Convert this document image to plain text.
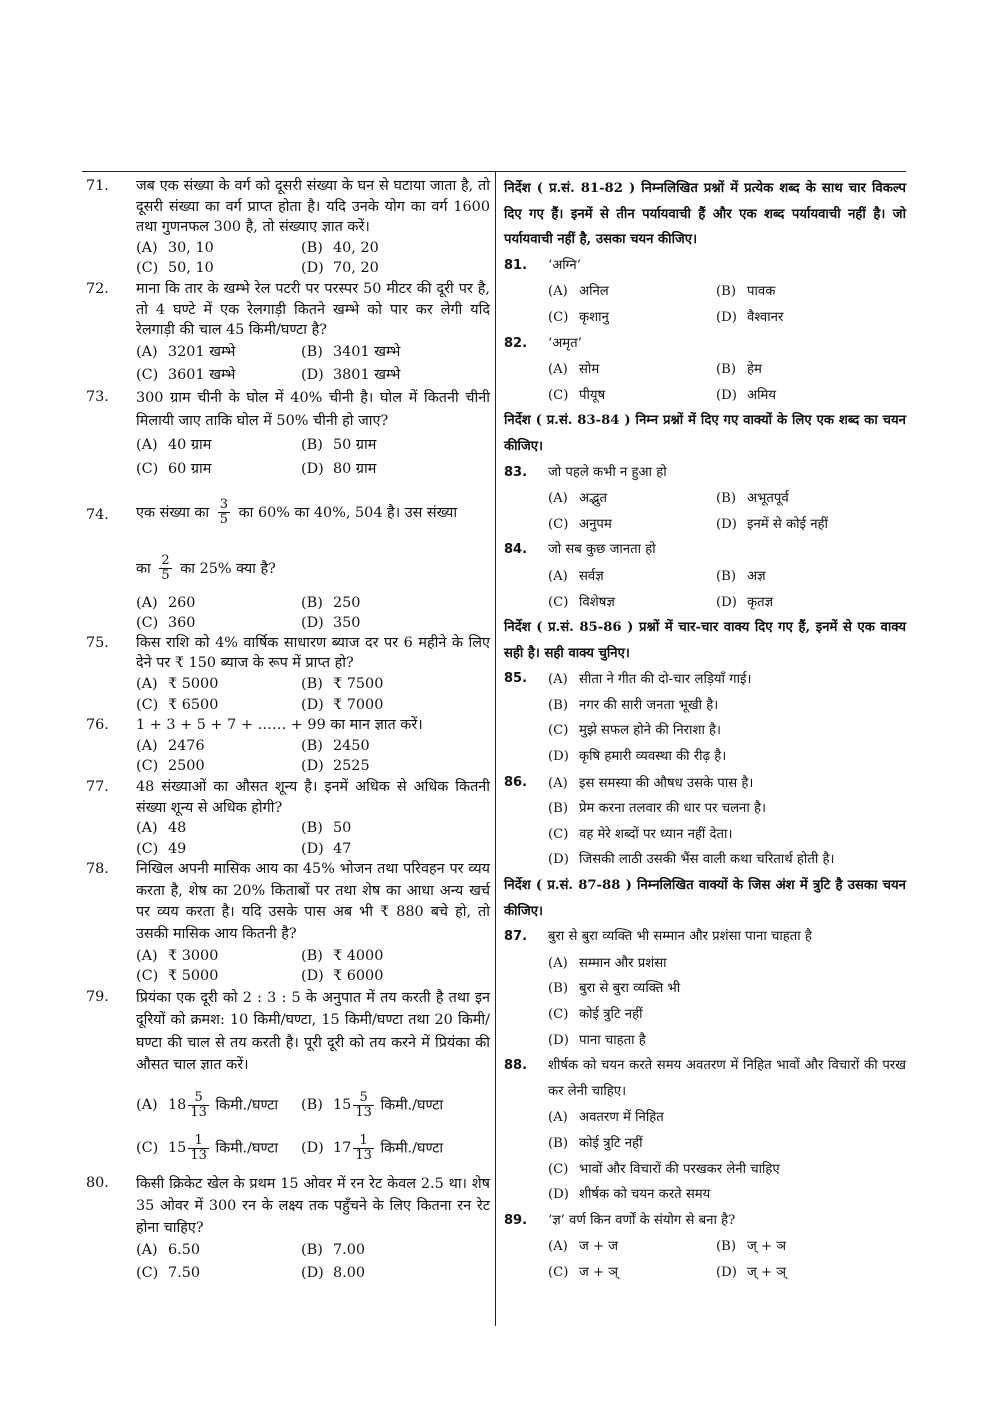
71.	जब एक संख्या के वर्ग को दूसरी संख्या के घन से घटाया जाता है, तो दूसरी संख्या का वर्ग प्राप्त होता है। यदि उनके योग का वर्ग 1600 तथा गुणनफल 300 है, तो संख्याए ज्ञात करें।
(A) 30, 10	(B) 40, 20
(C) 50, 10	(D) 70, 20
72.	माना कि तार के खम्भे रेल पटरी पर परस्पर 50 मीटर की दूरी पर है, तो 4 घण्टे में एक रेलगाड़ी कितने खम्भे को पार कर लेगी यदि रेलगाड़ी की चाल 45 किमी/घण्टा है?
(A) 3201 खम्भे	(B) 3401 खम्भे
(C) 3601 खम्भे	(D) 3801 खम्भे
73.	300 ग्राम चीनी के घोल में 40% चीनी है। घोल में कितनी चीनी मिलायी जाए ताकि घोल में 50% चीनी हो जाए?
(A) 40 ग्राम	(B) 50 ग्राम
(C) 60 ग्राम	(D) 80 ग्राम
74.	एक संख्या का $\frac{3}{5}$ का 60% का 40%, 504 है। उस संख्या
का $\frac{2}{5}$ का 25% क्या है?
(A) 260	(B) 250
(C) 360	(D) 350
75.	किस राशि को 4% वार्षिक साधारण ब्याज दर पर 6 महीने के लिए देने पर ₹ 150 ब्याज के रूप में प्राप्त हो?
(A) ₹ 5000	(B) ₹ 7500
(C) ₹ 6500	(D) ₹ 7000
76.	1 + 3 + 5 + 7 + …… + 99 का मान ज्ञात करें।
(A) 2476	(B) 2450
(C) 2500	(D) 2525
77.	48 संख्याओं का औसत शून्य है। इनमें अधिक से अधिक कितनी संख्या शून्य से अधिक होगी?
(A) 48	(B) 50
(C) 49	(D) 47
78.	निखिल अपनी मासिक आय का 45% भोजन तथा परिवहन पर व्यय करता है, शेष का 20% किताबों पर तथा शेष का आधा अन्य खर्च पर व्यय करता है। यदि उसके पास अब भी ₹ 880 बचे हो, तो उसकी मासिक आय कितनी है?
(A) ₹ 3000	(B) ₹ 4000
(C) ₹ 5000	(D) ₹ 6000
79.	प्रियंका एक दूरी को 2 : 3 : 5 के अनुपात में तय करती है तथा इन दूरियों को क्रमश: 10 किमी/घण्टा, 15 किमी/घण्टा तथा 20 किमी/घण्टा की चाल से तय करती है। पूरी दूरी को तय करने में प्रियंका की औसत चाल ज्ञात करें।
(A) $18 \frac{5}{13}$ किमी./घण्टा	(B) $15 \frac{5}{13}$ किमी./घण्टा
(C) $15 \frac{1}{13}$ किमी./घण्टा	(D) $17 \frac{1}{13}$ किमी./घण्टा
80.	किसी क्रिकेट खेल के प्रथम 15 ओवर में रन रेट केवल 2.5 था। शेष 35 ओवर में 300 रन के लक्ष्य तक पहुँचने के लिए कितना रन रेट होना चाहिए?
(A) 6.50	(B) 7.00
(C) 7.50	(D) 8.00
निर्देश ( प्र.सं. 81-82 ) निम्नलिखित प्रश्नों में प्रत्येक शब्द के साथ चार विकल्प दिए गए हैं। इनमें से तीन पर्यायवाची हैं और एक शब्द पर्यायवाची नहीं है। जो पर्यायवाची नहीं है, उसका चयन कीजिए।
81. ‘अग्नि’
(A) अनिल	(B) पावक
(C) कृशानु	(D) वैश्वानर
82. ‘अमृत’
(A) सोम	(B) हेम
(C) पीयूष	(D) अमिय
निर्देश ( प्र.सं. 83-84 ) निम्न प्रश्नों में दिए गए वाक्यों के लिए एक शब्द का चयन कीजिए।
83. जो पहले कभी न हुआ हो
(A) अद्भुत	(B) अभूतपूर्व
(C) अनुपम	(D) इनमें से कोई नहीं
84. जो सब कुछ जानता हो
(A) सर्वज्ञ	(B) अज्ञ
(C) विशेषज्ञ	(D) कृतज्ञ
निर्देश ( प्र.सं. 85-86 ) प्रश्नों में चार-चार वाक्य दिए गए हैं, इनमें से एक वाक्य सही है। सही वाक्य चुनिए।
85. (A) सीता ने गीत की दो-चार लड़ियाँ गाई।
(B) नगर की सारी जनता भूखी है।
(C) मुझे सफल होने की निराशा है।
(D) कृषि हमारी व्यवस्था की रीढ़ है।
86. (A) इस समस्या की औषध उसके पास है।
(B) प्रेम करना तलवार की धार पर चलना है।
(C) वह मेरे शब्दों पर ध्यान नहीं देता।
(D) जिसकी लाठी उसकी भैंस वाली कथा चरितार्थ होती है।
निर्देश ( प्र.सं. 87-88 ) निम्नलिखित वाक्यों के जिस अंश में त्रुटि है उसका चयन कीजिए।
87. बुरा से बुरा व्यक्ति भी सम्मान और प्रशंसा पाना चाहता है
(A) सम्मान और प्रशंसा
(B) बुरा से बुरा व्यक्ति भी
(C) कोई त्रुटि नहीं
(D) पाना चाहता है
88. शीर्षक को चयन करते समय अवतरण में निहित भावों और विचारों की परख कर लेनी चाहिए।
(A) अवतरण में निहित
(B) कोई त्रुटि नहीं
(C) भावों और विचारों की परखकर लेनी चाहिए
(D) शीर्षक को चयन करते समय
89. ‘ज्ञ’ वर्ण किन वर्णों के संयोग से बना है?
(A) ज + ज	(B) ज् + ञ
(C) ज + ञ्	(D) ज् + ञ्
